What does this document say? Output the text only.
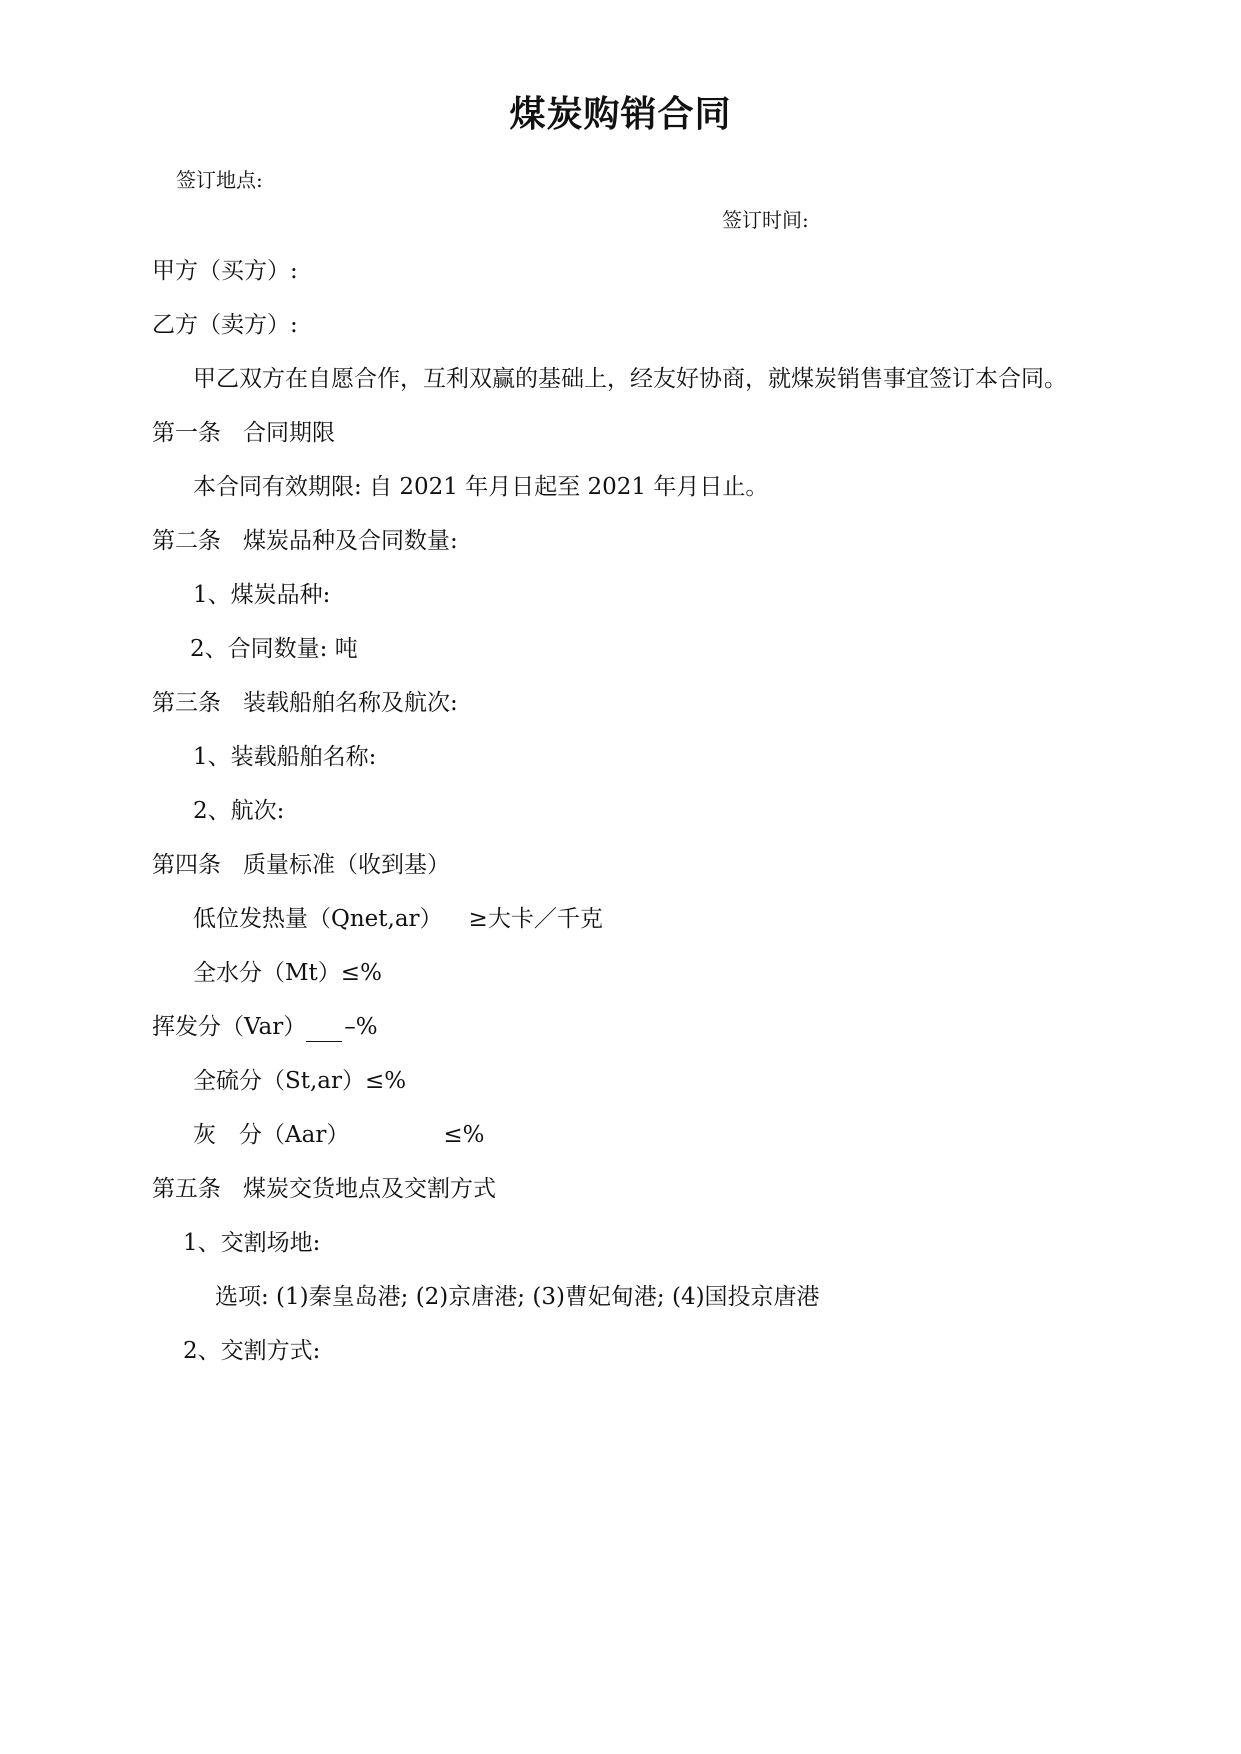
煤炭购销合同
签订地点:
签订时间:
甲方（买方）:
乙方（卖方）:
甲乙双方在自愿合作，互利双赢的基础上，经友好协商，就煤炭销售事宜签订本合同。
第一条 合同期限
本合同有效期限: 自 2021 年月日起至 2021 年月日止。
第二条 煤炭品种及合同数量:
1、煤炭品种:
2、合同数量: 吨
第三条 装载船舶名称及航次:
1、装载船舶名称:
2、航次:
第四条 质量标准（收到基）
低位发热量（Qnet,ar） ≥大卡／千克
全水分（Mt）≤%
挥发分（Var） –%
全硫分（St,ar）≤%
灰　分（Aar）	≤%
第五条 煤炭交货地点及交割方式
1、交割场地:
选项: (1)秦皇岛港; (2)京唐港; (3)曹妃甸港; (4)国投京唐港
2、交割方式:
